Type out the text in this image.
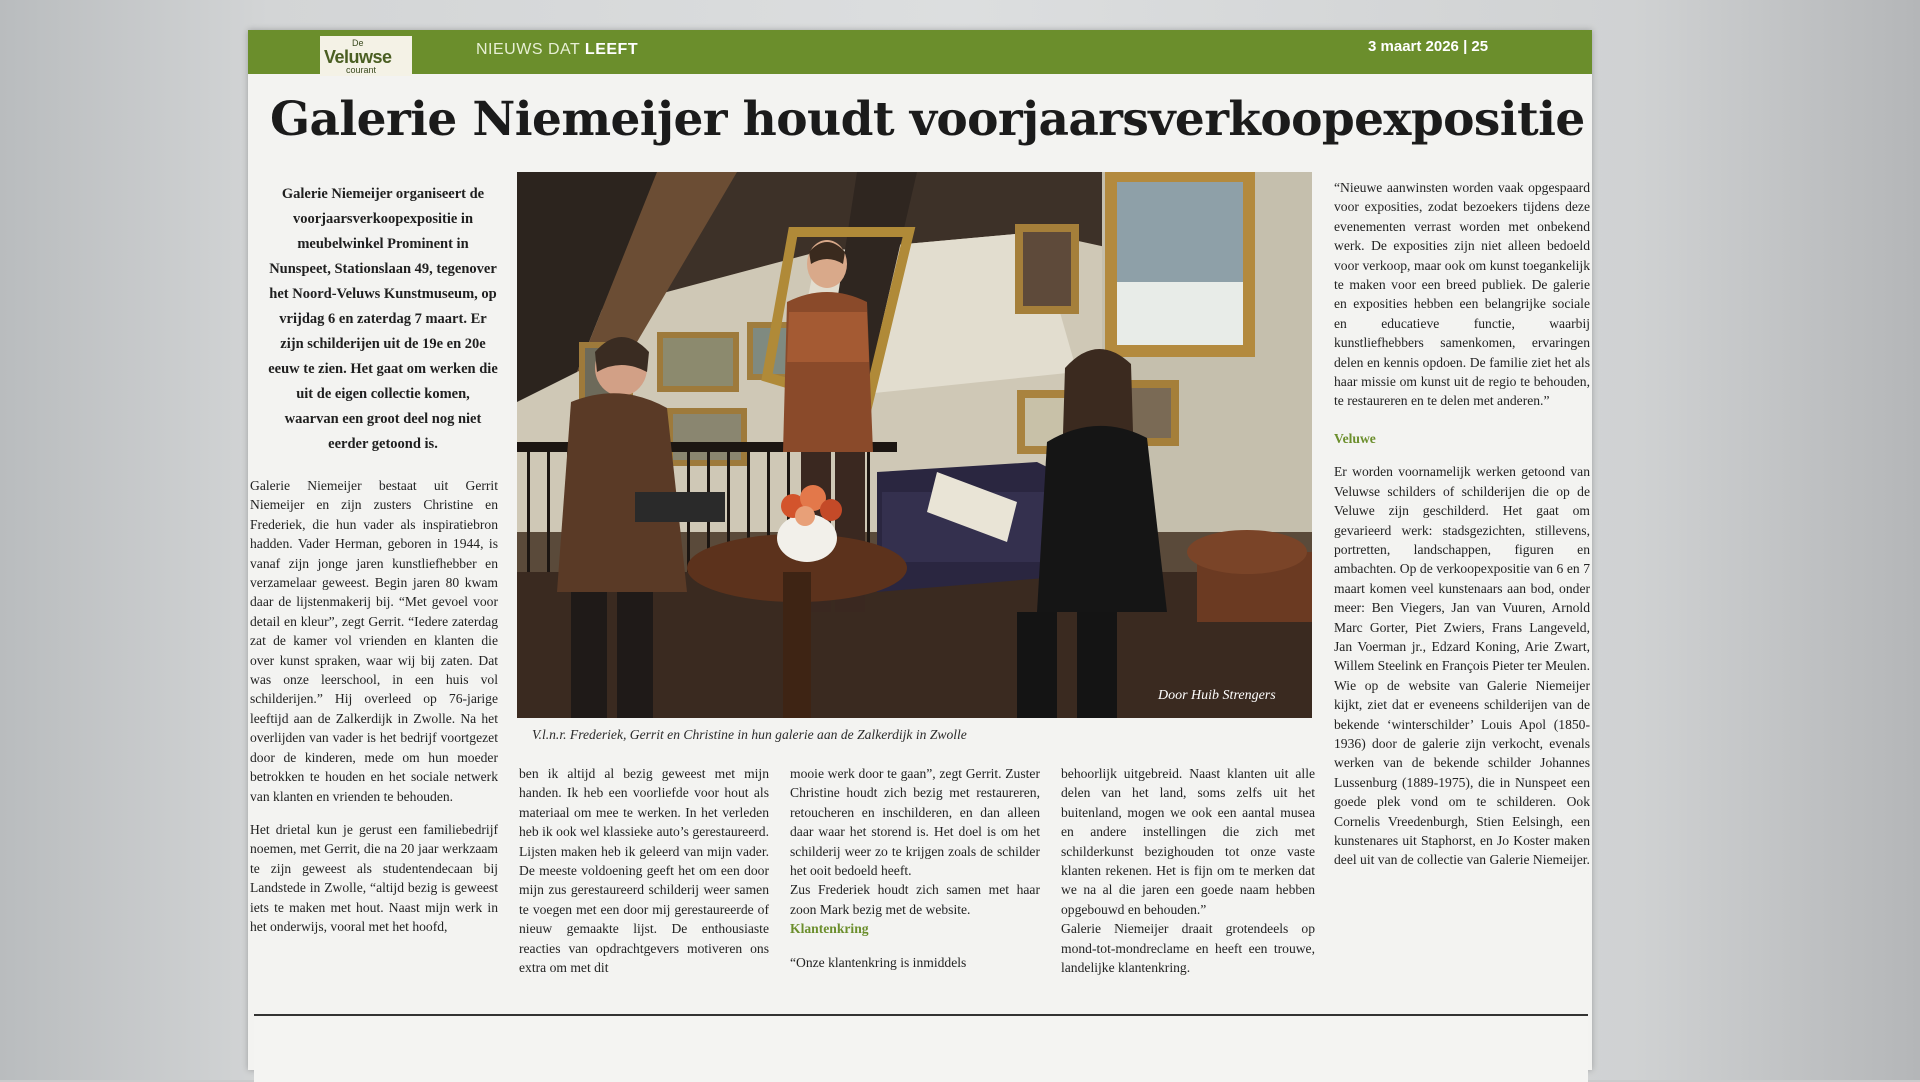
De
Veluwse
courant
NIEUWS DAT LEEFT	3 maart 2026 | 25
Galerie Niemeijer houdt voorjaarsverkoopexpositie
Galerie Niemeijer organiseert de voorjaarsverkoopexpositie in meubelwinkel Prominent in Nunspeet, Stationslaan 49, tegenover het Noord-Veluws Kunstmuseum, op vrijdag 6 en zaterdag 7 maart. Er zijn schilderijen uit de 19e en 20e eeuw te zien. Het gaat om werken die uit de eigen collectie komen, waarvan een groot deel nog niet eerder getoond is.

Galerie Niemeijer bestaat uit Gerrit Niemeijer en zijn zusters Christine en Frederiek, die hun vader als inspiratiebron hadden. Vader Herman, geboren in 1944, is vanaf zijn jonge jaren kunstliefhebber en verzamelaar geweest. Begin jaren 80 kwam daar de lijstenmakerij bij. “Met gevoel voor detail en kleur”, zegt Gerrit. “Iedere zaterdag zat de kamer vol vrienden en klanten die over kunst spraken, waar wij bij zaten. Dat was onze leerschool, in een huis vol schilderijen.” Hij overleed op 76-jarige leeftijd aan de Zalkerdijk in Zwolle. Na het overlijden van vader is het bedrijf voortgezet door de kinderen, mede om hun moeder betrokken te houden en het sociale netwerk van klanten en vrienden te behouden.

Het drietal kun je gerust een familiebedrijf noemen, met Gerrit, die na 20 jaar werkzaam te zijn geweest als studentendecaan bij Landstede in Zwolle, “altijd bezig is geweest iets te maken met hout. Naast mijn werk in het onderwijs, vooral met het hoofd,

Door Huib Strengers
V.l.n.r. Frederiek, Gerrit en Christine in hun galerie aan de Zalkerdijk in Zwolle

ben ik altijd al bezig geweest met mijn handen. Ik heb een voorliefde voor hout als materiaal om mee te werken. In het verleden heb ik ook wel klassieke auto’s gerestaureerd. Lijsten maken heb ik geleerd van mijn vader. De meeste voldoening geeft het om een door mijn zus gerestaureerd schilderij weer samen te voegen met een door mij gerestaureerde of nieuw gemaakte lijst. De enthousiaste reacties van opdrachtgevers motiveren ons extra om met dit

mooie werk door te gaan”, zegt Gerrit. Zuster Christine houdt zich bezig met restaureren, retoucheren en inschilderen, en dan alleen daar waar het storend is. Het doel is om het schilderij weer zo te krijgen zoals de schilder het ooit bedoeld heeft.

Zus Frederiek houdt zich samen met haar zoon Mark bezig met de website.

Klantenkring

“Onze klantenkring is inmiddels

behoorlijk uitgebreid. Naast klanten uit alle delen van het land, soms zelfs uit het buitenland, mogen we ook een aantal musea en andere instellingen die zich met schilderkunst bezighouden tot onze vaste klanten rekenen. Het is fijn om te merken dat we na al die jaren een goede naam hebben opgebouwd en behouden.”

Galerie Niemeijer draait grotendeels op mond-tot-mondreclame en heeft een trouwe, landelijke klantenkring.

“Nieuwe aanwinsten worden vaak opgespaard voor exposities, zodat bezoekers tijdens deze evenementen verrast worden met onbekend werk. De exposities zijn niet alleen bedoeld voor verkoop, maar ook om kunst toegankelijk te maken voor een breed publiek. De galerie en exposities hebben een belangrijke sociale en educatieve functie, waarbij kunstliefhebbers samenkomen, ervaringen delen en kennis opdoen. De familie ziet het als haar missie om kunst uit de regio te behouden, te restaureren en te delen met anderen.”

Veluwe

Er worden voornamelijk werken getoond van Veluwse schilders of schilderijen die op de Veluwe zijn geschilderd. Het gaat om gevarieerd werk: stadsgezichten, stillevens, portretten, landschappen, figuren en ambachten. Op de verkoopexpositie van 6 en 7 maart komen veel kunstenaars aan bod, onder meer: Ben Viegers, Jan van Vuuren, Arnold Marc Gorter, Piet Zwiers, Frans Langeveld, Jan Voerman jr., Edzard Koning, Arie Zwart, Willem Steelink en François Pieter ter Meulen. Wie op de website van Galerie Niemeijer kijkt, ziet dat er eveneens schilderijen van de bekende ‘winterschilder’ Louis Apol (1850-1936) door de galerie zijn verkocht, evenals werken van de bekende schilder Johannes Lussenburg (1889-1975), die in Nunspeet een goede plek vond om te schilderen. Ook Cornelis Vreedenburgh, Stien Eelsingh, een kunstenares uit Staphorst, en Jo Koster maken deel uit van de collectie van Galerie Niemeijer.
